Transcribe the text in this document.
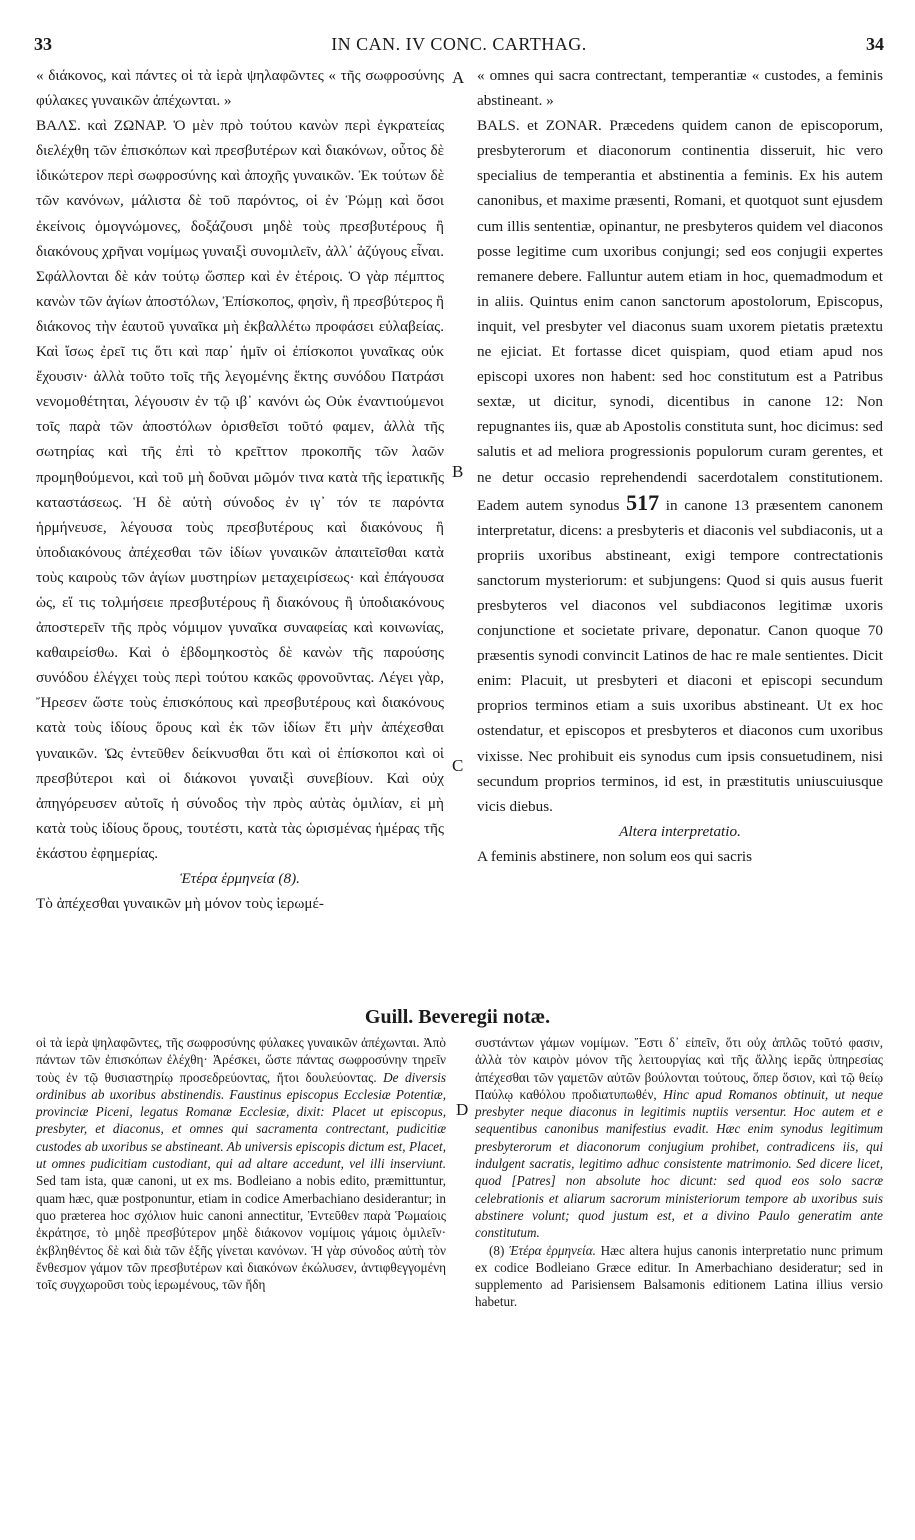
33	IN CAN. IV CONC. CARTHAG.	34

« διάκονος, καὶ πάντες οἱ τὰ ἱερὰ ψηλαφῶντες « τῆς σωφροσύνης φύλακες γυναικῶν ἀπέχωνται. »

ΒΑΛΣ. καὶ ΖΩΝΑΡ. Ὁ μὲν πρὸ τούτου κανὼν περὶ ἐγκρατείας διελέχθη τῶν ἐπισκόπων καὶ πρεσβυτέρων καὶ διακόνων, οὗτος δὲ ἰδικώτερον περὶ σωφροσύνης καὶ ἀποχῆς γυναικῶν. Ἐκ τούτων δὲ τῶν κανόνων, μάλιστα δὲ τοῦ παρόντος, οἱ ἐν Ῥώμῃ καὶ ὅσοι ἐκείνοις ὁμογνώμονες, δοξάζουσι μηδὲ τοὺς πρεσβυτέρους ἢ διακόνους χρῆναι νομίμως γυναιξὶ συνομιλεῖν, ἀλλ᾽ ἀζύγους εἶναι. Σφάλλονται δὲ κἀν τούτῳ ὥσπερ καὶ ἐν ἑτέροις. Ὁ γὰρ πέμπτος κανὼν τῶν ἁγίων ἀποστόλων, Ἐπίσκοπος, φησὶν, ἢ πρεσβύτερος ἢ διάκονος τὴν ἑαυτοῦ γυναῖκα μὴ ἐκβαλλέτω προφάσει εὐλαβείας. Καὶ ἴσως ἐρεῖ τις ὅτι καὶ παρ᾽ ἡμῖν οἱ ἐπίσκοποι γυναῖκας οὐκ ἔχουσιν· ἀλλὰ τοῦτο τοῖς τῆς λεγομένης ἕκτης συνόδου Πατράσι νενομοθέτηται, λέγουσιν ἐν τῷ ιβ᾽ κανόνι ὡς Οὐκ ἐναντιούμενοι τοῖς παρὰ τῶν ἀποστόλων ὁρισθεῖσι τοῦτό φαμεν, ἀλλὰ τῆς σωτηρίας καὶ τῆς ἐπὶ τὸ κρεῖττον προκοπῆς τῶν λαῶν προμηθούμενοι, καὶ τοῦ μὴ δοῦναι μῶμόν τινα κατὰ τῆς ἱερατικῆς καταστάσεως. Ἡ δὲ αὐτὴ σύνοδος ἐν ιγ᾽ τόν τε παρόντα ἡρμήνευσε, λέγουσα τοὺς πρεσβυτέρους καὶ διακόνους ἢ ὑποδιακόνους ἀπέχεσθαι τῶν ἰδίων γυναικῶν ἀπαιτεῖσθαι κατὰ τοὺς καιροὺς τῶν ἁγίων μυστηρίων μεταχειρίσεως· καὶ ἐπάγουσα ὡς, εἴ τις τολμήσειε πρεσβυτέρους ἢ διακόνους ἢ ὑποδιακόνους ἀποστερεῖν τῆς πρὸς νόμιμον γυναῖκα συναφείας καὶ κοινωνίας, καθαιρείσθω. Καὶ ὁ ἑβδομηκοστὸς δὲ κανὼν τῆς παρούσης συνόδου ἐλέγχει τοὺς περὶ τούτου κακῶς φρονοῦντας. Λέγει γὰρ, Ἤρεσεν ὥστε τοὺς ἐπισκόπους καὶ πρεσβυτέρους καὶ διακόνους κατὰ τοὺς ἰδίους ὅρους καὶ ἐκ τῶν ἰδίων ἔτι μὴν ἀπέχεσθαι γυναικῶν. Ὡς ἐντεῦθεν δείκνυσθαι ὅτι καὶ οἱ ἐπίσκοποι καὶ οἱ πρεσβύτεροι καὶ οἱ διάκονοι γυναιξὶ συνεβίουν. Καὶ οὐχ ἀπηγόρευσεν αὐτοῖς ἡ σύνοδος τὴν πρὸς αὐτὰς ὁμιλίαν, εἰ μὴ κατὰ τοὺς ἰδίους ὅρους, τουτέστι, κατὰ τὰς ὡρισμένας ἡμέρας τῆς ἑκάστου ἐφημερίας.

Ἑτέρα ἑρμηνεία (8).

Τὸ ἀπέχεσθαι γυναικῶν μὴ μόνον τοὺς ἱερωμέ-

A
B
C
D

« omnes qui sacra contrectant, temperantiæ « custodes, a feminis abstineant. »

BALS. et ZONAR. Præcedens quidem canon de episcoporum, presbyterorum et diaconorum continentia disseruit, hic vero specialius de temperantia et abstinentia a feminis. Ex his autem canonibus, et maxime præsenti, Romani, et quotquot sunt ejusdem cum illis sententiæ, opinantur, ne presbyteros quidem vel diaconos posse legitime cum uxoribus conjungi; sed eos conjugii expertes remanere debere. Falluntur autem etiam in hoc, quemadmodum et in aliis. Quintus enim canon sanctorum apostolorum, Episcopus, inquit, vel presbyter vel diaconus suam uxorem pietatis prætextu ne ejiciat. Et fortasse dicet quispiam, quod etiam apud nos episcopi uxores non habent: sed hoc constitutum est a Patribus sextæ, ut dicitur, synodi, dicentibus in canone 12: Non repugnantes iis, quæ ab Apostolis constituta sunt, hoc dicimus: sed salutis et ad meliora progressionis populorum curam gerentes, et ne detur occasio reprehendendi sacerdotalem constitutionem. Eadem autem synodus 517 in canone 13 præsentem canonem interpretatur, dicens: a presbyteris et diaconis vel subdiaconis, ut a propriis uxoribus abstineant, exigi tempore contrectationis sanctorum mysteriorum: et subjungens: Quod si quis ausus fuerit presbyteros vel diaconos vel subdiaconos legitimæ uxoris conjunctione et societate privare, deponatur. Canon quoque 70 præsentis synodi convincit Latinos de hac re male sentientes. Dicit enim: Placuit, ut presbyteri et diaconi et episcopi secundum proprios terminos etiam a suis uxoribus abstineant. Ut ex hoc ostendatur, et episcopos et presbyteros et diaconos cum uxoribus vixisse. Nec prohibuit eis synodus cum ipsis consuetudinem, nisi secundum proprios terminos, id est, in præstitutis uniuscuiusque vicis diebus.

Altera interpretatio.

A feminis abstinere, non solum eos qui sacris

Guill. Beveregii notæ.

οἱ τὰ ἱερὰ ψηλαφῶντες, τῆς σωφροσύνης φύλακες γυναικῶν ἀπέχωνται. Ἀπὸ πάντων τῶν ἐπισκόπων ἐλέχθη· Ἀρέσκει, ὥστε πάντας σωφροσύνην τηρεῖν τοὺς ἐν τῷ θυσιαστηρίῳ προσεδρεύοντας, ἤτοι δουλεύοντας. De diversis ordinibus ab uxoribus abstinendis. Faustinus episcopus Ecclesiæ Potentiæ, provinciæ Piceni, legatus Romanæ Ecclesiæ, dixit: Placet ut episcopus, presbyter, et diaconus, et omnes qui sacramenta contrectant, pudicitiæ custodes ab uxoribus se abstineant. Ab universis episcopis dictum est, Placet, ut omnes pudicitiam custodiant, qui ad altare accedunt, vel illi inserviunt. Sed tam ista, quæ canoni, ut ex ms. Bodleiano a nobis edito, præmittuntur, quam hæc, quæ postponuntur, etiam in codice Amerbachiano desiderantur; in quo præterea hoc σχόλιον huic canoni annectitur, Ἐντεῦθεν παρὰ Ῥωμαίοις ἐκράτησε, τὸ μηδὲ πρεσβύτερον μηδὲ διάκονον νομίμοις γάμοις ὁμιλεῖν· ἐκβληθέντος δὲ καὶ διὰ τῶν ἑξῆς γίνεται κανόνων. Ἡ γὰρ σύνοδος αὐτὴ τὸν ἔνθεσμον γάμον τῶν πρεσβυτέρων καὶ διακόνων ἐκώλυσεν, ἀντιφθεγγομένη τοῖς συγχωροῦσι τοὺς ἱερωμένους, τῶν ἤδη

συστάντων γάμων νομίμων. Ἔστι δ᾽ εἰπεῖν, ὅτι οὐχ ἁπλῶς τοῦτό φασιν, ἀλλὰ τὸν καιρὸν μόνον τῆς λειτουργίας καὶ τῆς ἄλλης ἱερᾶς ὑπηρεσίας ἀπέχεσθαι τῶν γαμετῶν αὐτῶν βούλονται τούτους, ὅπερ ὅσιον, καὶ τῷ θείῳ Παύλῳ καθόλου προδιατυπωθέν, Hinc apud Romanos obtinuit, ut neque presbyter neque diaconus in legitimis nuptiis versentur. Hoc autem et e sequentibus canonibus manifestius evadit. Hæc enim synodus legitimum presbyterorum et diaconorum conjugium prohibet, contradicens iis, qui indulgent sacratis, legitimo adhuc consistente matrimonio. Sed dicere licet, quod [Patres] non absolute hoc dicunt: sed quod eos solo sacræ celebrationis et aliarum sacrorum ministeriorum tempore ab uxoribus suis abstinere volunt; quod justum est, et a divino Paulo generatim ante constitutum.

(8) Ἑτέρα ἑρμηνεία. Hæc altera hujus canonis interpretatio nunc primum ex codice Bodleiano Græce editur. In Amerbachiano desideratur; sed in supplemento ad Parisiensem Balsamonis editionem Latina illius versio habetur.
